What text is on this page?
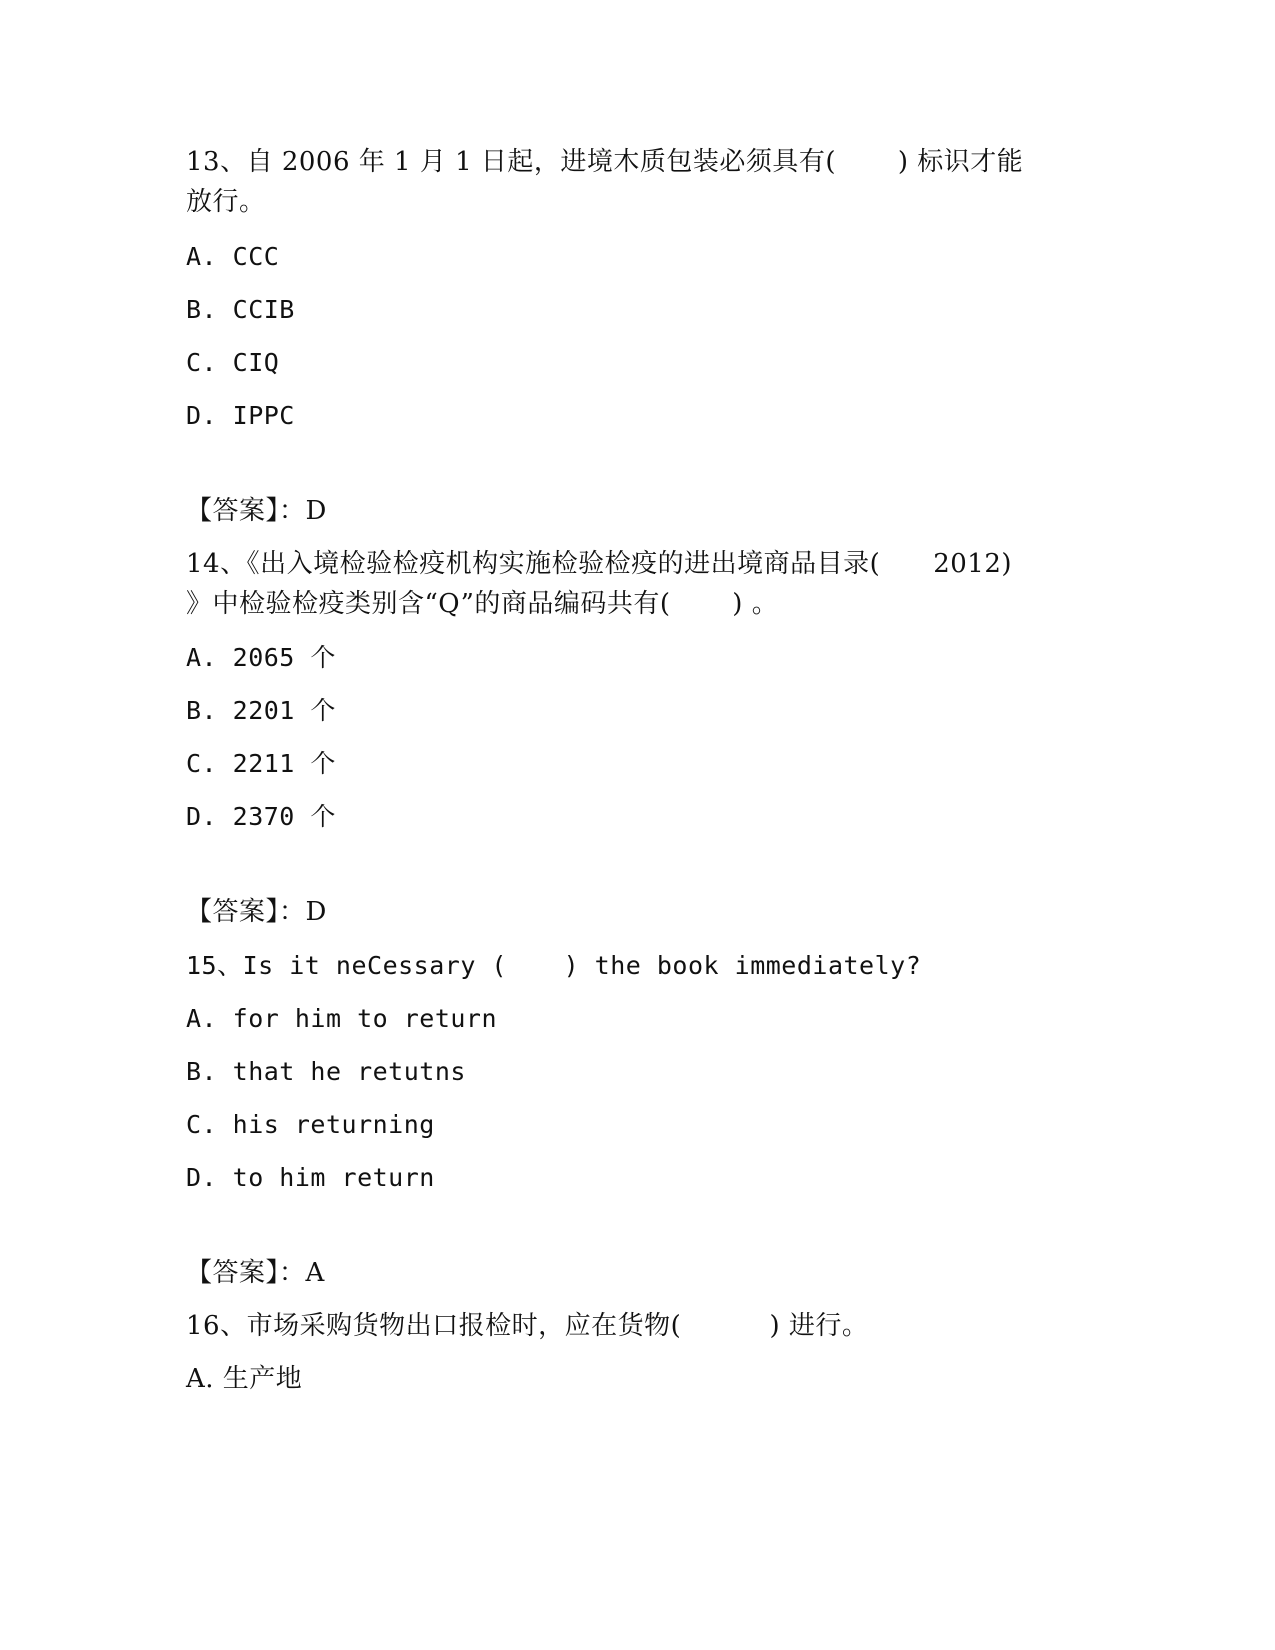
13、自 2006 年 1 月 1 日起，进境木质包装必须具有(　　 ) 标识才能
放行。
A. CCC
B. CCIB
C. CIQ
D. IPPC
【答案】：D
14、《出入境检验检疫机构实施检验检疫的进出境商品目录(　　2012)
》中检验检疫类别含“Q”的商品编码共有(　　 ) 。
A. 2065 个
B. 2201 个
C. 2211 个
D. 2370 个
【答案】：D
15、Is it neCessary ( 　 ) the book immediately?
A. for him to return
B. that he retutns
C. his returning
D. to him return
【答案】：A
16、市场采购货物出口报检时，应在货物(　　　 ) 进行。
A. 生产地
